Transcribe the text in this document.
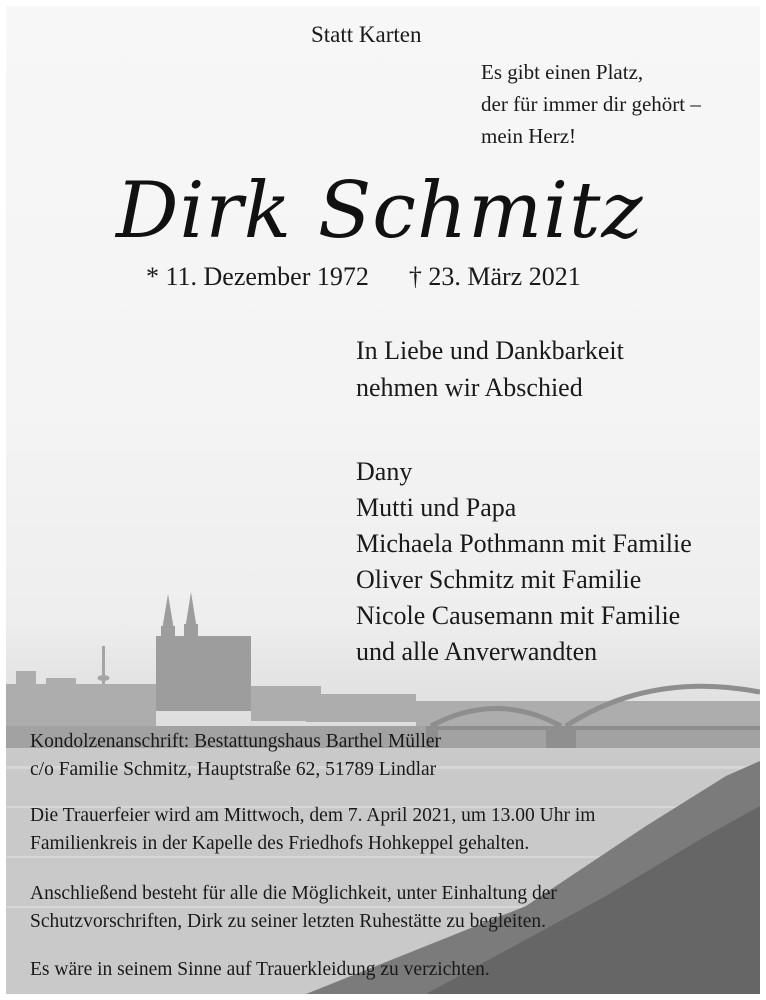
Statt Karten

Es gibt einen Platz,
der für immer dir gehört –
mein Herz!

Dirk Schmitz

* 11. Dezember 1972 † 23. März 2021

In Liebe und Dankbarkeit
nehmen wir Abschied
Dany
Mutti und Papa
Michaela Pothmann mit Familie
Oliver Schmitz mit Familie
Nicole Causemann mit Familie
und alle Anverwandten
Kondolzenanschrift: Bestattungshaus Barthel Müller
c/o Familie Schmitz, Hauptstraße 62, 51789 Lindlar
Die Trauerfeier wird am Mittwoch, dem 7. April 2021, um 13.00 Uhr im
Familienkreis in der Kapelle des Friedhofs Hohkeppel gehalten.
Anschließend besteht für alle die Möglichkeit, unter Einhaltung der
Schutzvorschriften, Dirk zu seiner letzten Ruhestätte zu begleiten.
Es wäre in seinem Sinne auf Trauerkleidung zu verzichten.
